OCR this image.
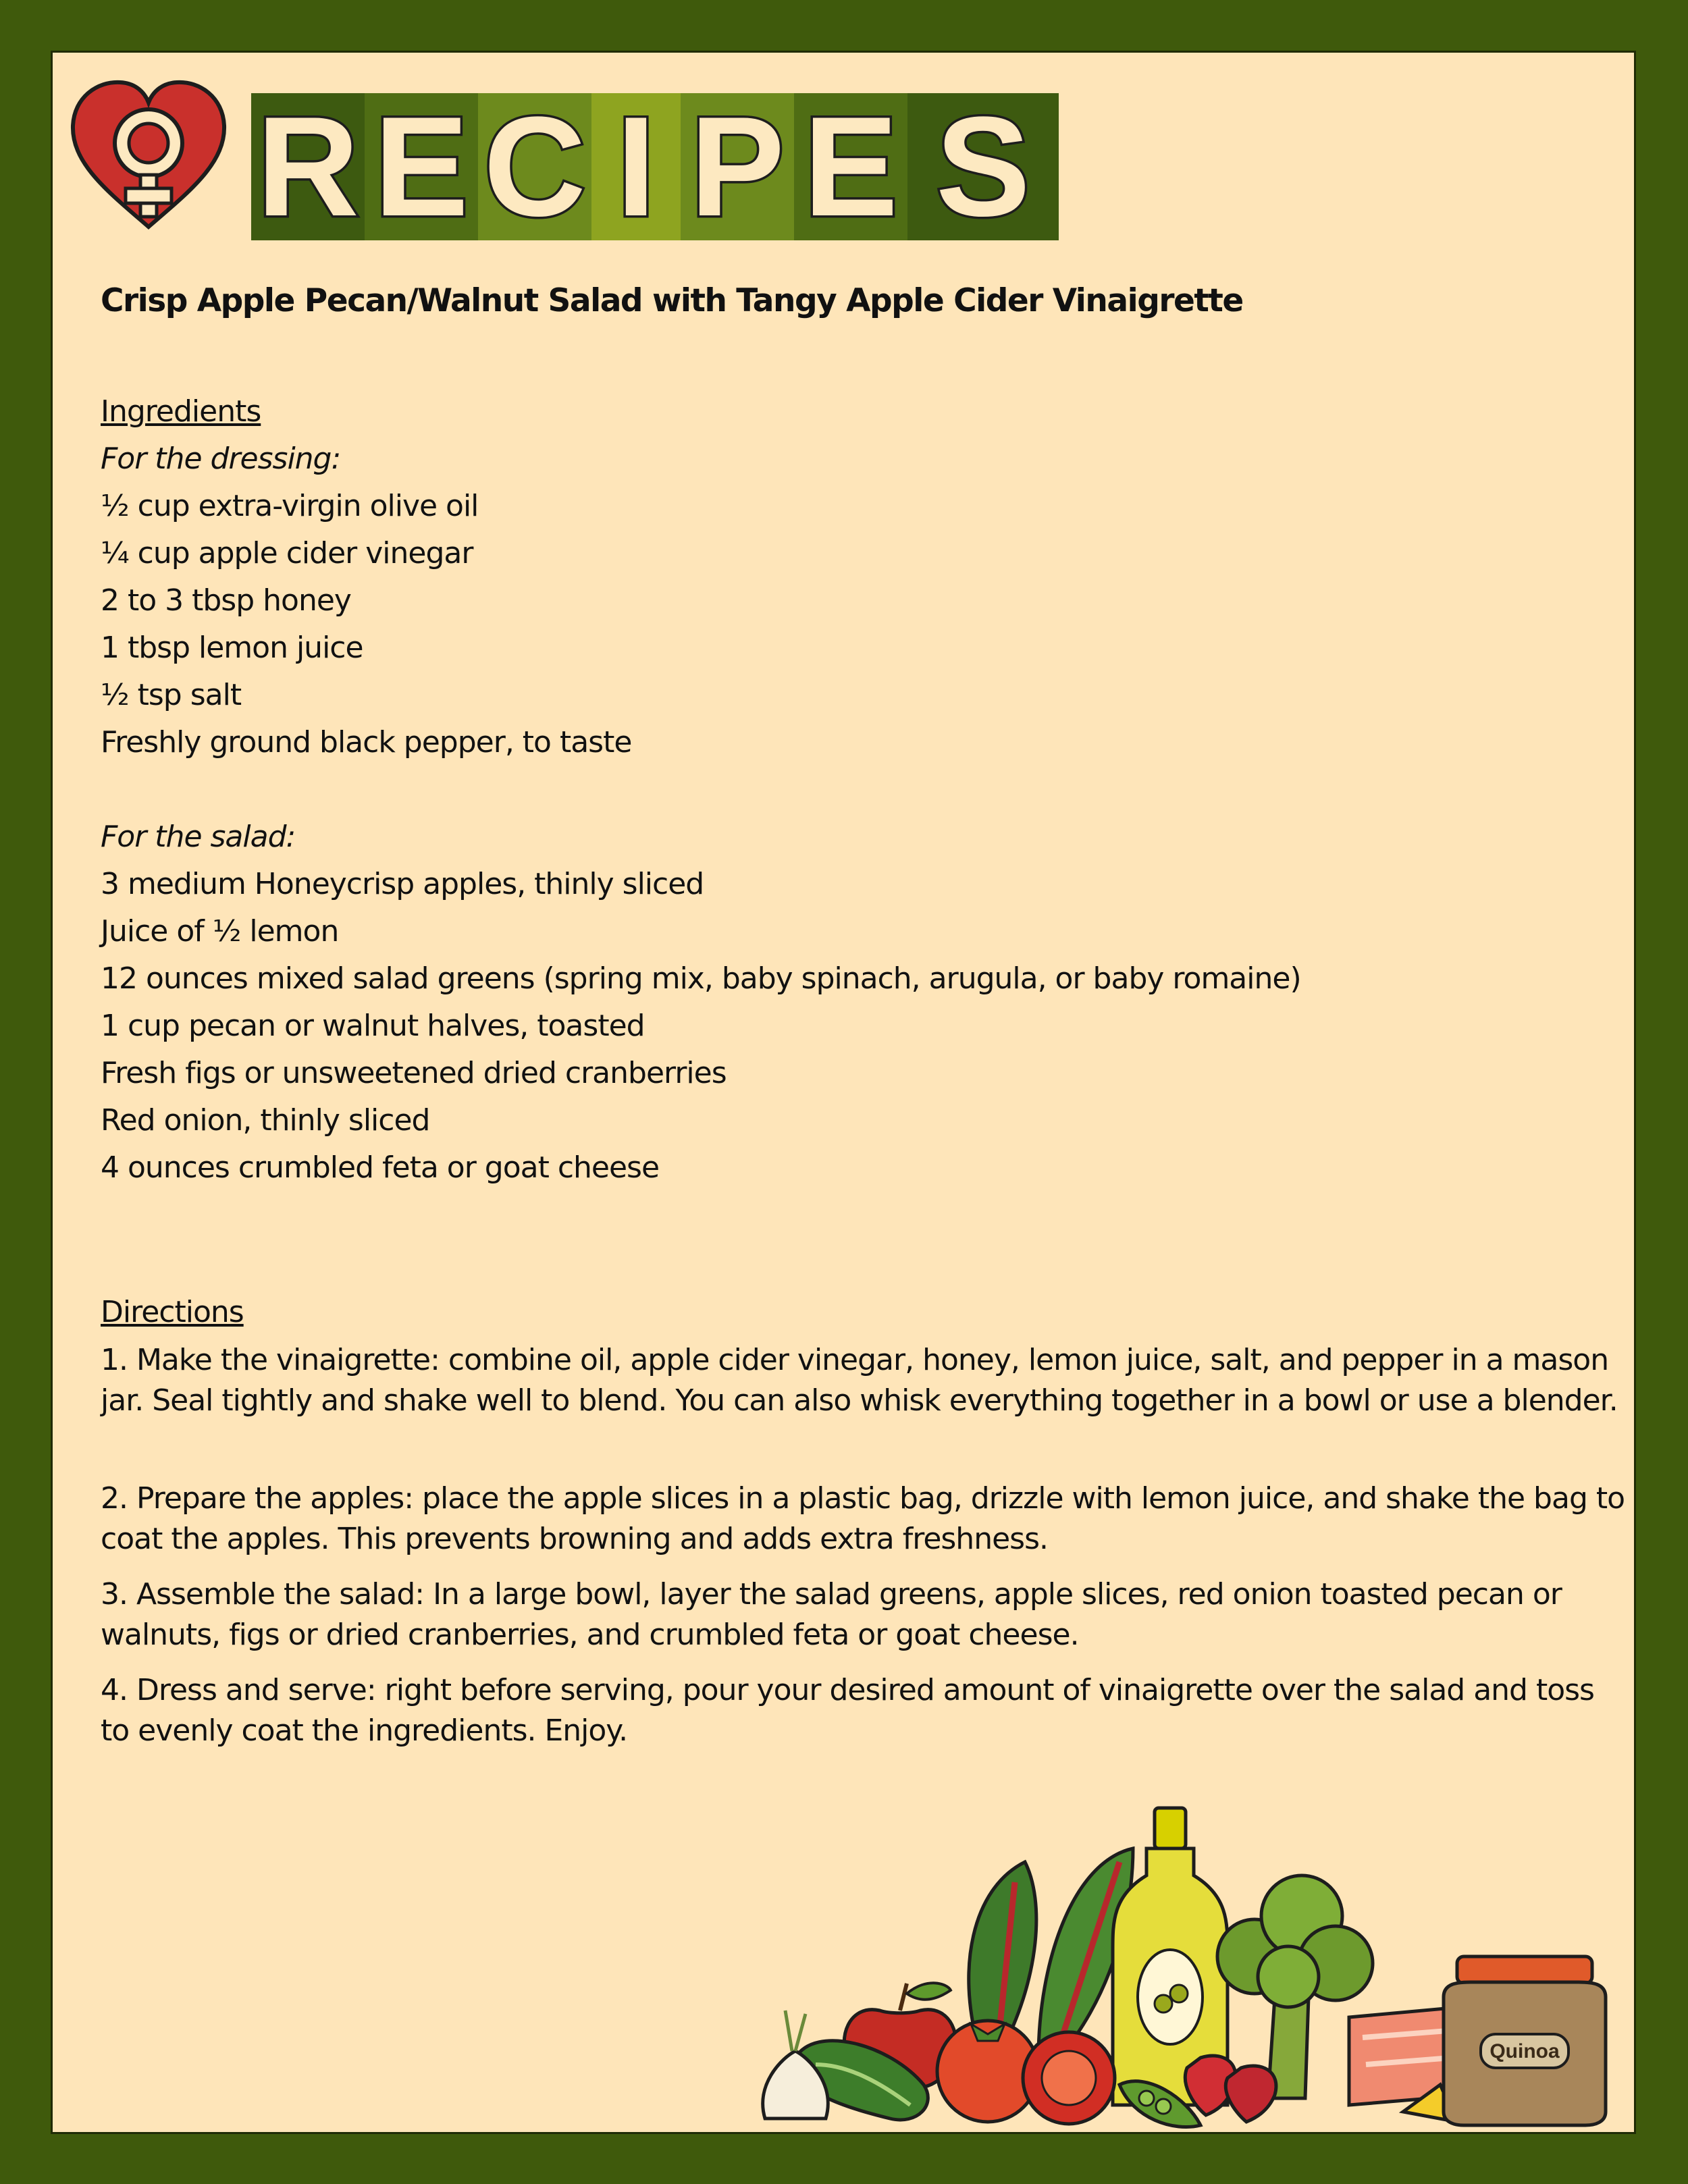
R E C I P E S
Crisp Apple Pecan/Walnut Salad with Tangy Apple Cider Vinaigrette
Ingredients
For the dressing:
½ cup extra-virgin olive oil
¼ cup apple cider vinegar
2 to 3 tbsp honey
1 tbsp lemon juice
½ tsp salt
Freshly ground black pepper, to taste
For the salad:
3 medium Honeycrisp apples, thinly sliced
Juice of ½ lemon
12 ounces mixed salad greens (spring mix, baby spinach, arugula, or baby romaine)
1 cup pecan or walnut halves, toasted
Fresh figs or unsweetened dried cranberries
Red onion, thinly sliced
4 ounces crumbled feta or goat cheese
Directions
1. Make the vinaigrette: combine oil, apple cider vinegar, honey, lemon juice, salt, and pepper in a mason jar. Seal tightly and shake well to blend. You can also whisk everything together in a bowl or use a blender.
2. Prepare the apples: place the apple slices in a plastic bag, drizzle with lemon juice, and shake the bag to coat the apples. This prevents browning and adds extra freshness.
3. Assemble the salad: In a large bowl, layer the salad greens, apple slices, red onion toasted pecan or walnuts, figs or dried cranberries, and crumbled feta or goat cheese.
4. Dress and serve: right before serving, pour your desired amount of vinaigrette over the salad and toss to evenly coat the ingredients. Enjoy.
Quinoa
